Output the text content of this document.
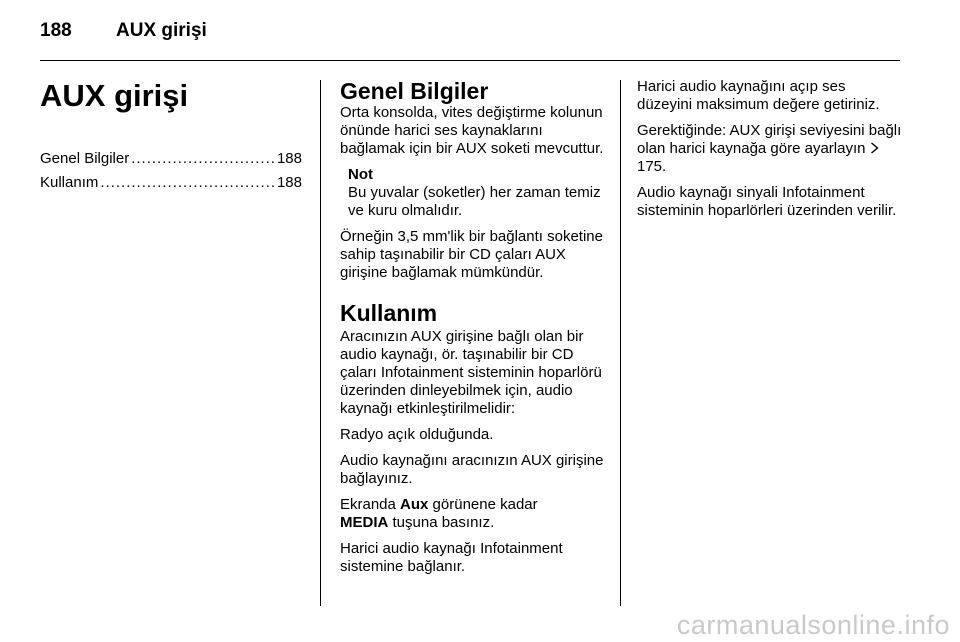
188 AUX girişi
AUX girişi
Genel Bilgiler .....	188
Kullanım .....	188
Genel Bilgiler

Orta konsolda, vites değiştirme kolunun önünde harici ses kaynaklarını bağlamak için bir AUX soketi mevcuttur.

Not
Bu yuvalar (soketler) her zaman temiz ve kuru olmalıdır.

Örneğin 3,5 mm'lik bir bağlantı soketine sahip taşınabilir bir CD çaları AUX girişine bağlamak mümkündür.

Kullanım

Aracınızın AUX girişine bağlı olan bir audio kaynağı, ör. taşınabilir bir CD çaları Infotainment sisteminin hoparlörü üzerinden dinleyebilmek için, audio kaynağı etkinleştirilmelidir:

Radyo açık olduğunda.

Audio kaynağını aracınızın AUX girişine bağlayınız.

Ekranda Aux görünene kadar
MEDIA tuşuna basınız.

Harici audio kaynağı Infotainment sistemine bağlanır.

Harici audio kaynağını açıp ses düzeyini maksimum değere getiriniz.

Gerektiğinde: AUX girişi seviyesini bağlı olan harici kaynağa göre ayarlayın  175.

Audio kaynağı sinyali Infotainment sisteminin hoparlörleri üzerinden verilir.

carmanualsonline.info
